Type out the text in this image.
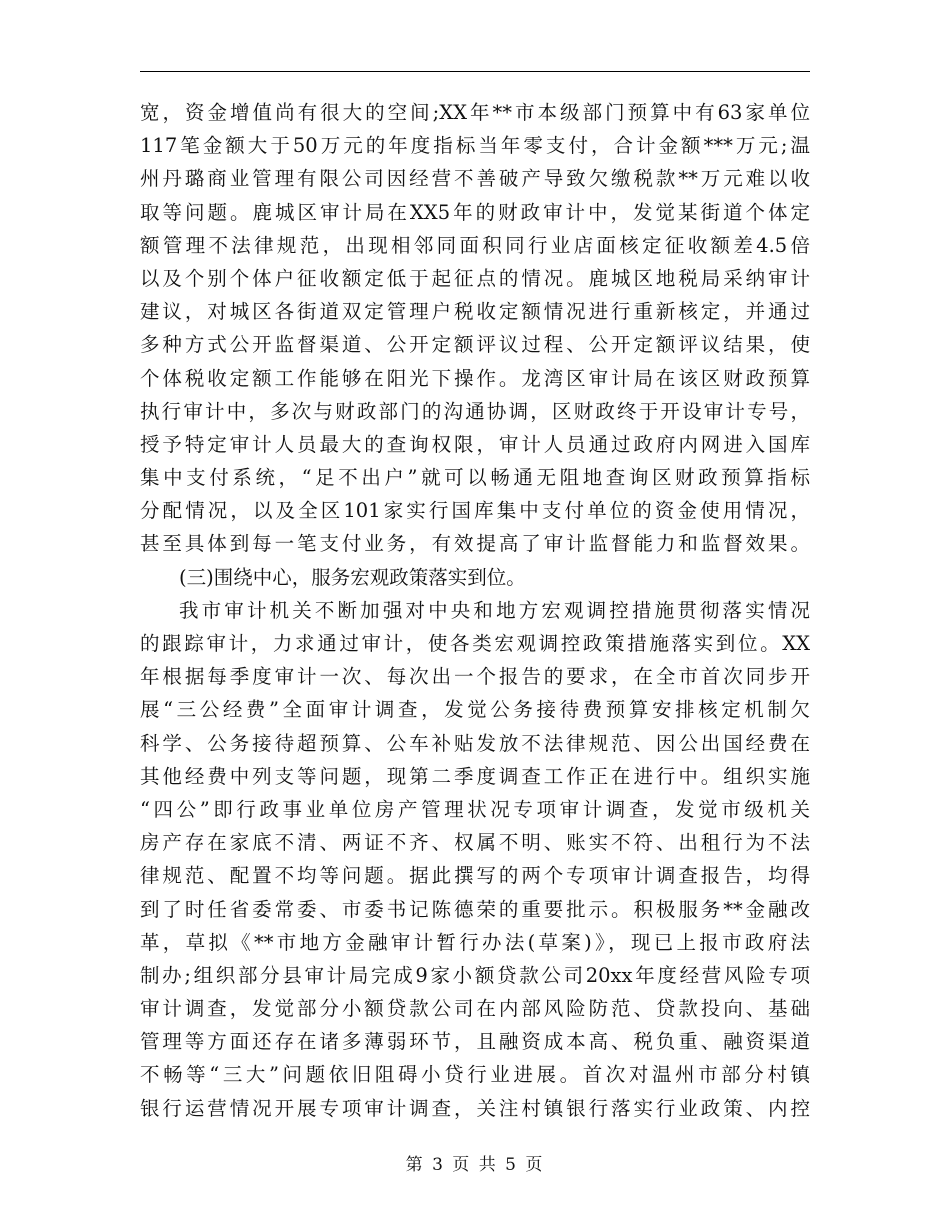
宽，资金增值尚有很大的空间;XX年**市本级部门预算中有63家单位
117笔金额大于50万元的年度指标当年零支付，合计金额***万元;温
州丹璐商业管理有限公司因经营不善破产导致欠缴税款**万元难以收
取等问题。鹿城区审计局在XX5年的财政审计中，发觉某街道个体定
额管理不法律规范，出现相邻同面积同行业店面核定征收额差4.5倍
以及个别个体户征收额定低于起征点的情况。鹿城区地税局采纳审计
建议，对城区各街道双定管理户税收定额情况进行重新核定，并通过
多种方式公开监督渠道、公开定额评议过程、公开定额评议结果，使
个体税收定额工作能够在阳光下操作。龙湾区审计局在该区财政预算
执行审计中，多次与财政部门的沟通协调，区财政终于开设审计专号，
授予特定审计人员最大的查询权限，审计人员通过政府内网进入国库
集中支付系统，“足不出户”就可以畅通无阻地查询区财政预算指标
分配情况，以及全区101家实行国库集中支付单位的资金使用情况，
甚至具体到每一笔支付业务，有效提高了审计监督能力和监督效果。
(三)围绕中心，服务宏观政策落实到位。
我市审计机关不断加强对中央和地方宏观调控措施贯彻落实情况
的跟踪审计，力求通过审计，使各类宏观调控政策措施落实到位。XX
年根据每季度审计一次、每次出一个报告的要求，在全市首次同步开
展“三公经费”全面审计调查，发觉公务接待费预算安排核定机制欠
科学、公务接待超预算、公车补贴发放不法律规范、因公出国经费在
其他经费中列支等问题，现第二季度调查工作正在进行中。组织实施
“四公”即行政事业单位房产管理状况专项审计调查，发觉市级机关
房产存在家底不清、两证不齐、权属不明、账实不符、出租行为不法
律规范、配置不均等问题。据此撰写的两个专项审计调查报告，均得
到了时任省委常委、市委书记陈德荣的重要批示。积极服务**金融改
革，草拟《**市地方金融审计暂行办法(草案)》，现已上报市政府法
制办;组织部分县审计局完成9家小额贷款公司20xx年度经营风险专项
审计调查，发觉部分小额贷款公司在内部风险防范、贷款投向、基础
管理等方面还存在诸多薄弱环节，且融资成本高、税负重、融资渠道
不畅等“三大”问题依旧阻碍小贷行业进展。首次对温州市部分村镇
银行运营情况开展专项审计调查，关注村镇银行落实行业政策、内控
第 3 页 共 5 页
